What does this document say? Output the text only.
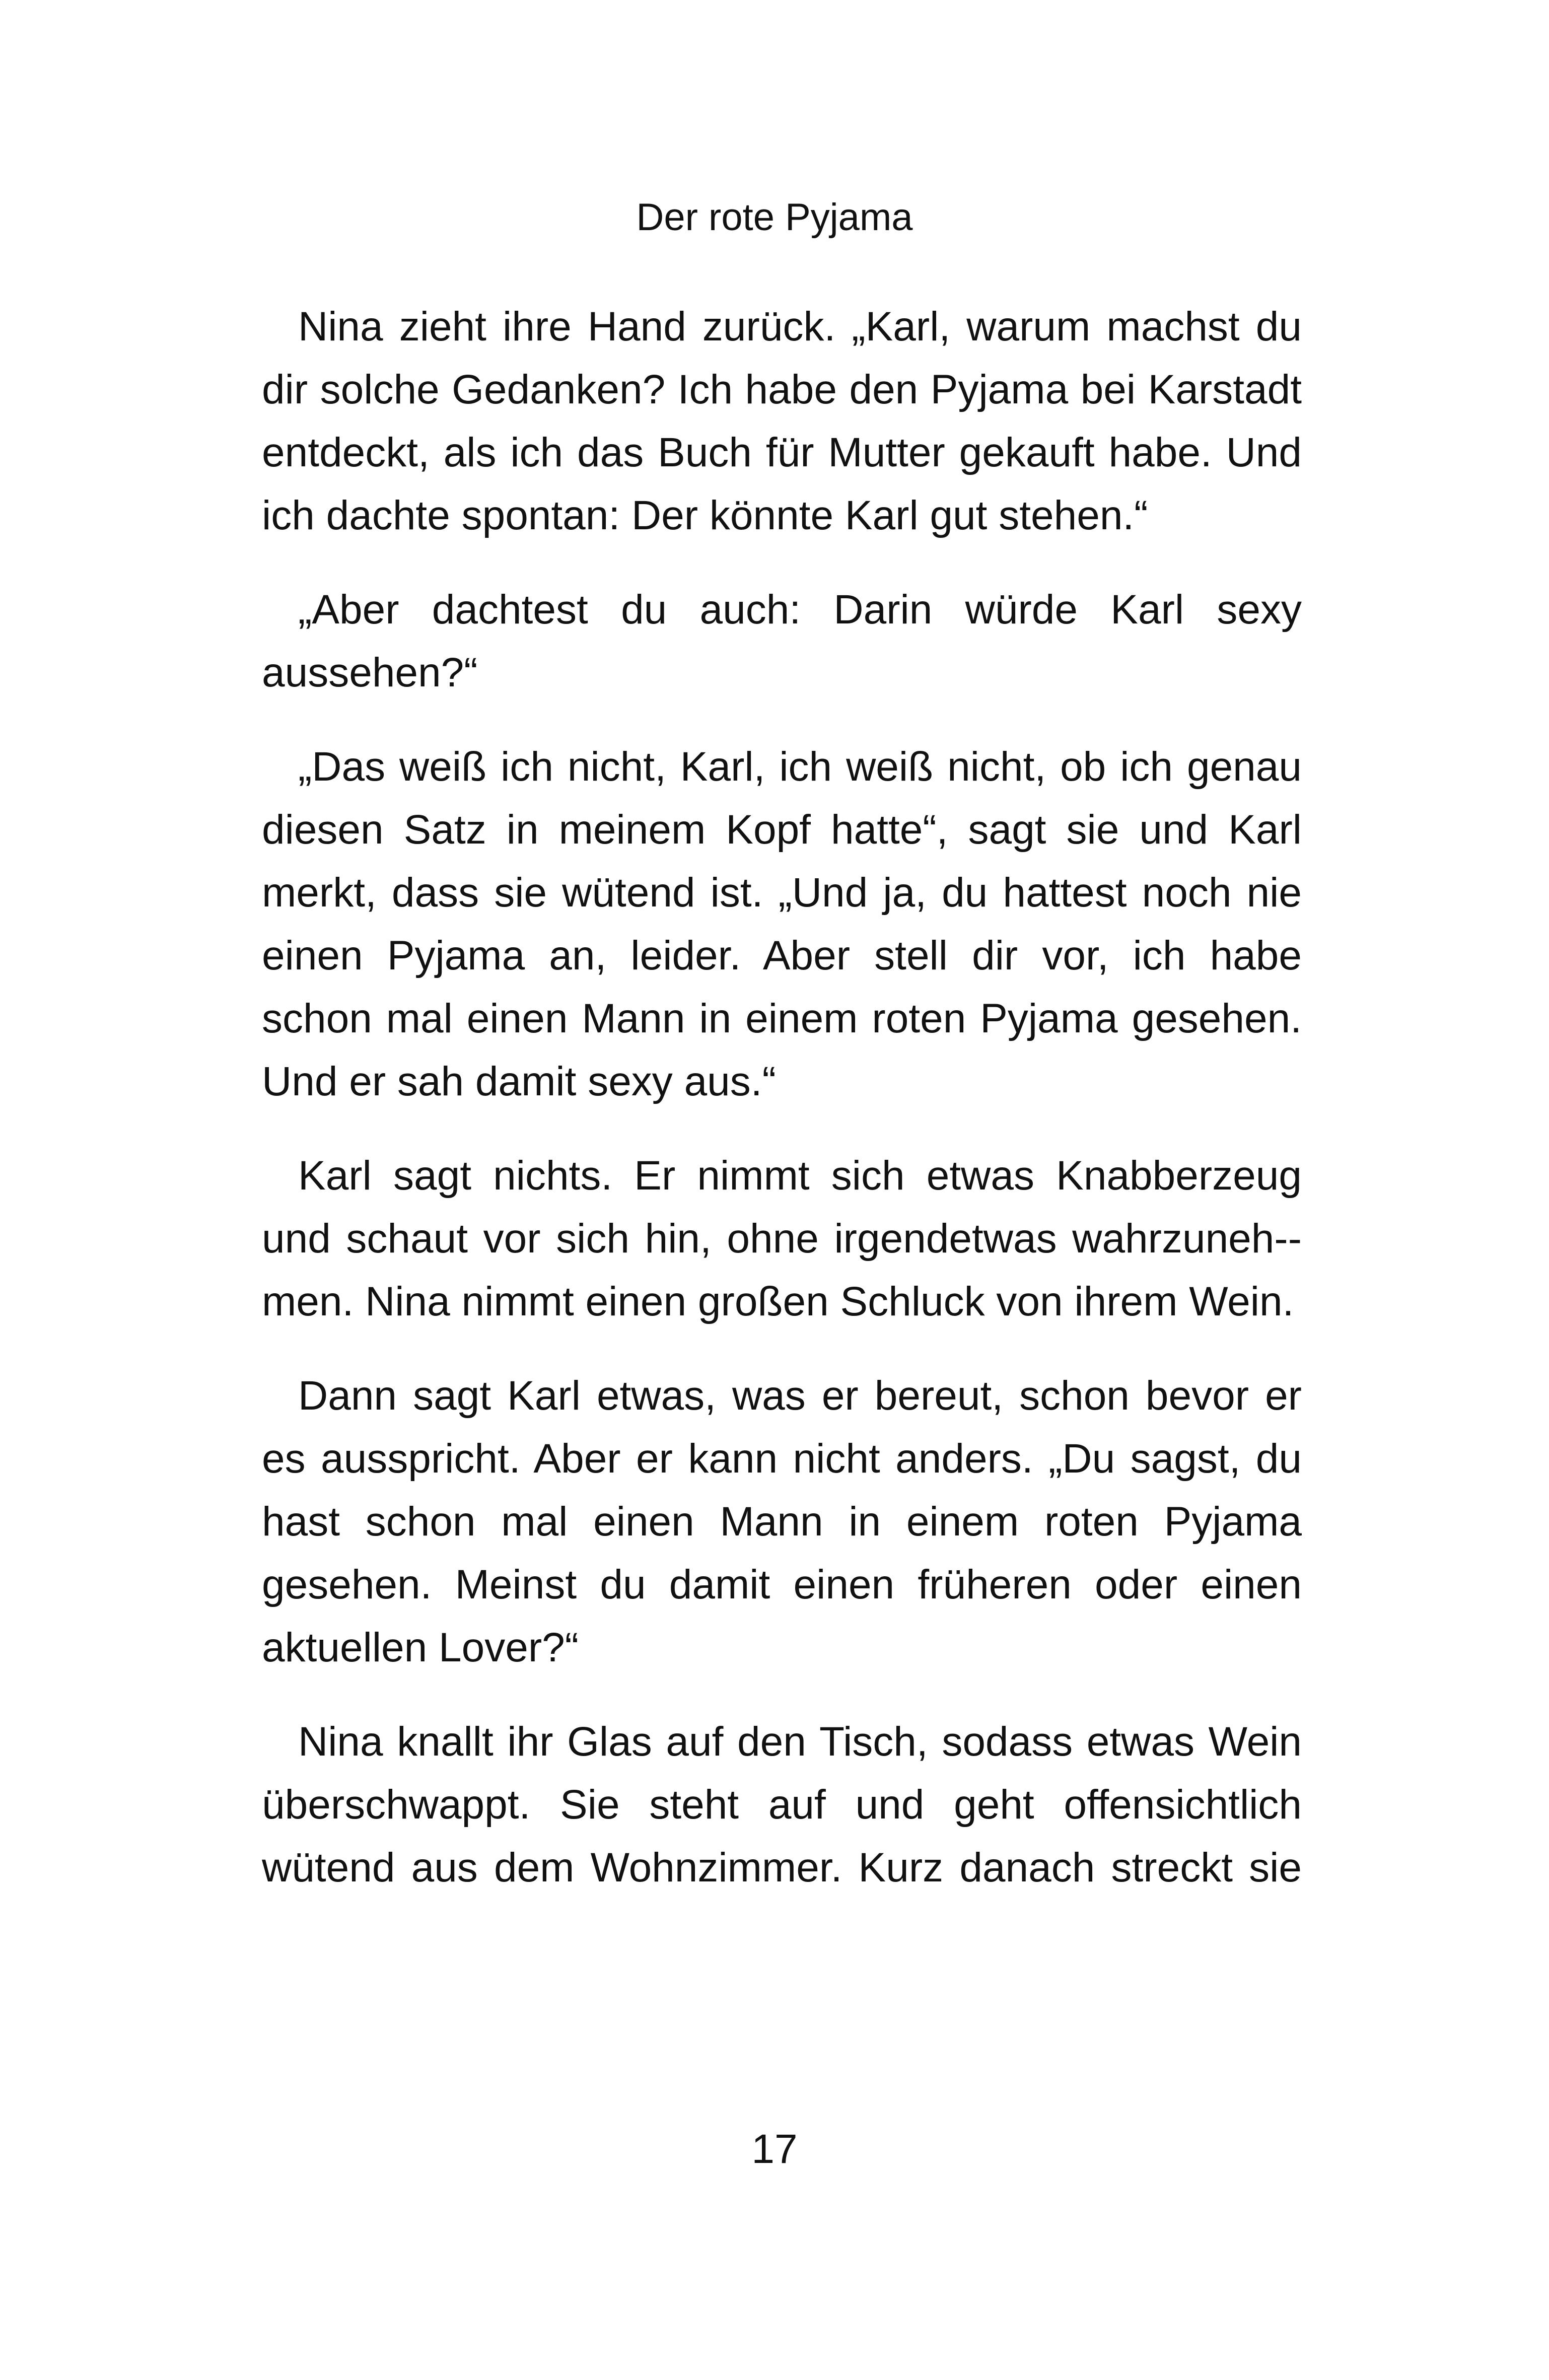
Der rote Pyjama

Nina zieht ihre Hand zurück. „Karl, warum machst du dir solche Gedanken? Ich habe den Pyjama bei Karstadt entdeckt, als ich das Buch für Mutter gekauft habe. Und ich dachte spontan: Der könnte Karl gut stehen.“

„Aber dachtest du auch: Darin würde Karl sexy aussehen?“

„Das weiß ich nicht, Karl, ich weiß nicht, ob ich genau diesen Satz in meinem Kopf hatte“, sagt sie und Karl merkt, dass sie wütend ist. „Und ja, du hattest noch nie einen Pyjama an, leider. Aber stell dir vor, ich habe schon mal einen Mann in einem roten Pyjama gesehen. Und er sah damit sexy aus.“

Karl sagt nichts. Er nimmt sich etwas Knabberzeug und schaut vor sich hin, ohne irgendetwas wahrzuneh-men. Nina nimmt einen großen Schluck von ihrem Wein.

Dann sagt Karl etwas, was er bereut, schon bevor er es ausspricht. Aber er kann nicht anders. „Du sagst, du hast schon mal einen Mann in einem roten Pyjama gesehen. Meinst du damit einen früheren oder einen aktuellen Lover?“

Nina knallt ihr Glas auf den Tisch, sodass etwas Wein überschwappt. Sie steht auf und geht offensichtlich wütend aus dem Wohnzimmer. Kurz danach streckt sie

17
